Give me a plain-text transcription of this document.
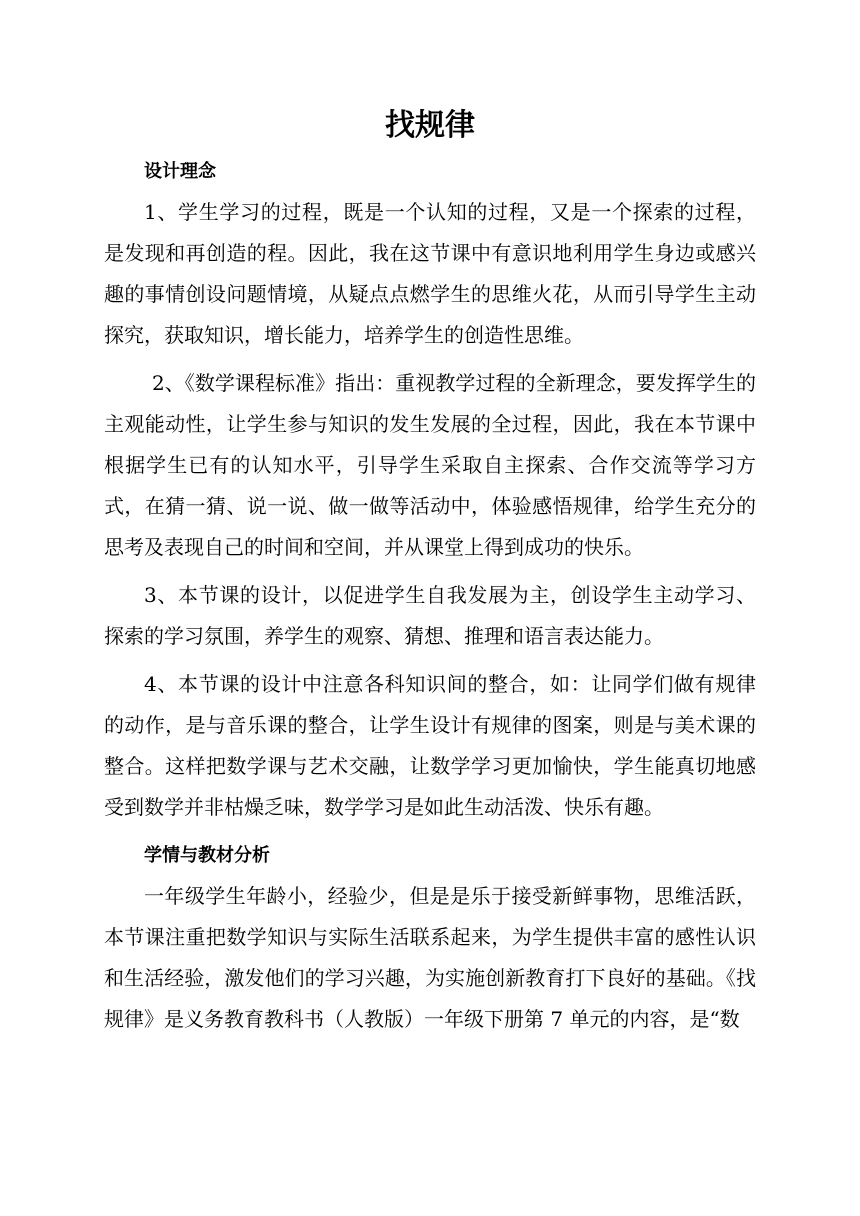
找规律
设计理念

1、学生学习的过程，既是一个认知的过程，又是一个探索的过程，是发现和再创造的程。因此，我在这节课中有意识地利用学生身边或感兴趣的事情创设问题情境，从疑点点燃学生的思维火花，从而引导学生主动探究，获取知识，增长能力，培养学生的创造性思维。

2、《数学课程标准》指出：重视教学过程的全新理念，要发挥学生的主观能动性，让学生参与知识的发生发展的全过程，因此，我在本节课中根据学生已有的认知水平，引导学生采取自主探索、合作交流等学习方式，在猜一猜、说一说、做一做等活动中，体验感悟规律，给学生充分的思考及表现自己的时间和空间，并从课堂上得到成功的快乐。

3、本节课的设计，以促进学生自我发展为主，创设学生主动学习、探索的学习氛围，养学生的观察、猜想、推理和语言表达能力。

4、本节课的设计中注意各科知识间的整合，如：让同学们做有规律的动作，是与音乐课的整合，让学生设计有规律的图案，则是与美术课的整合。这样把数学课与艺术交融，让数学学习更加愉快，学生能真切地感受到数学并非枯燥乏味，数学学习是如此生动活泼、快乐有趣。

学情与教材分析

一年级学生年龄小，经验少，但是是乐于接受新鲜事物，思维活跃，本节课注重把数学知识与实际生活联系起来，为学生提供丰富的感性认识和生活经验，激发他们的学习兴趣，为实施创新教育打下良好的基础。《找规律》是义务教育教科书（人教版）一年级下册第 7 单元的内容，是“数
